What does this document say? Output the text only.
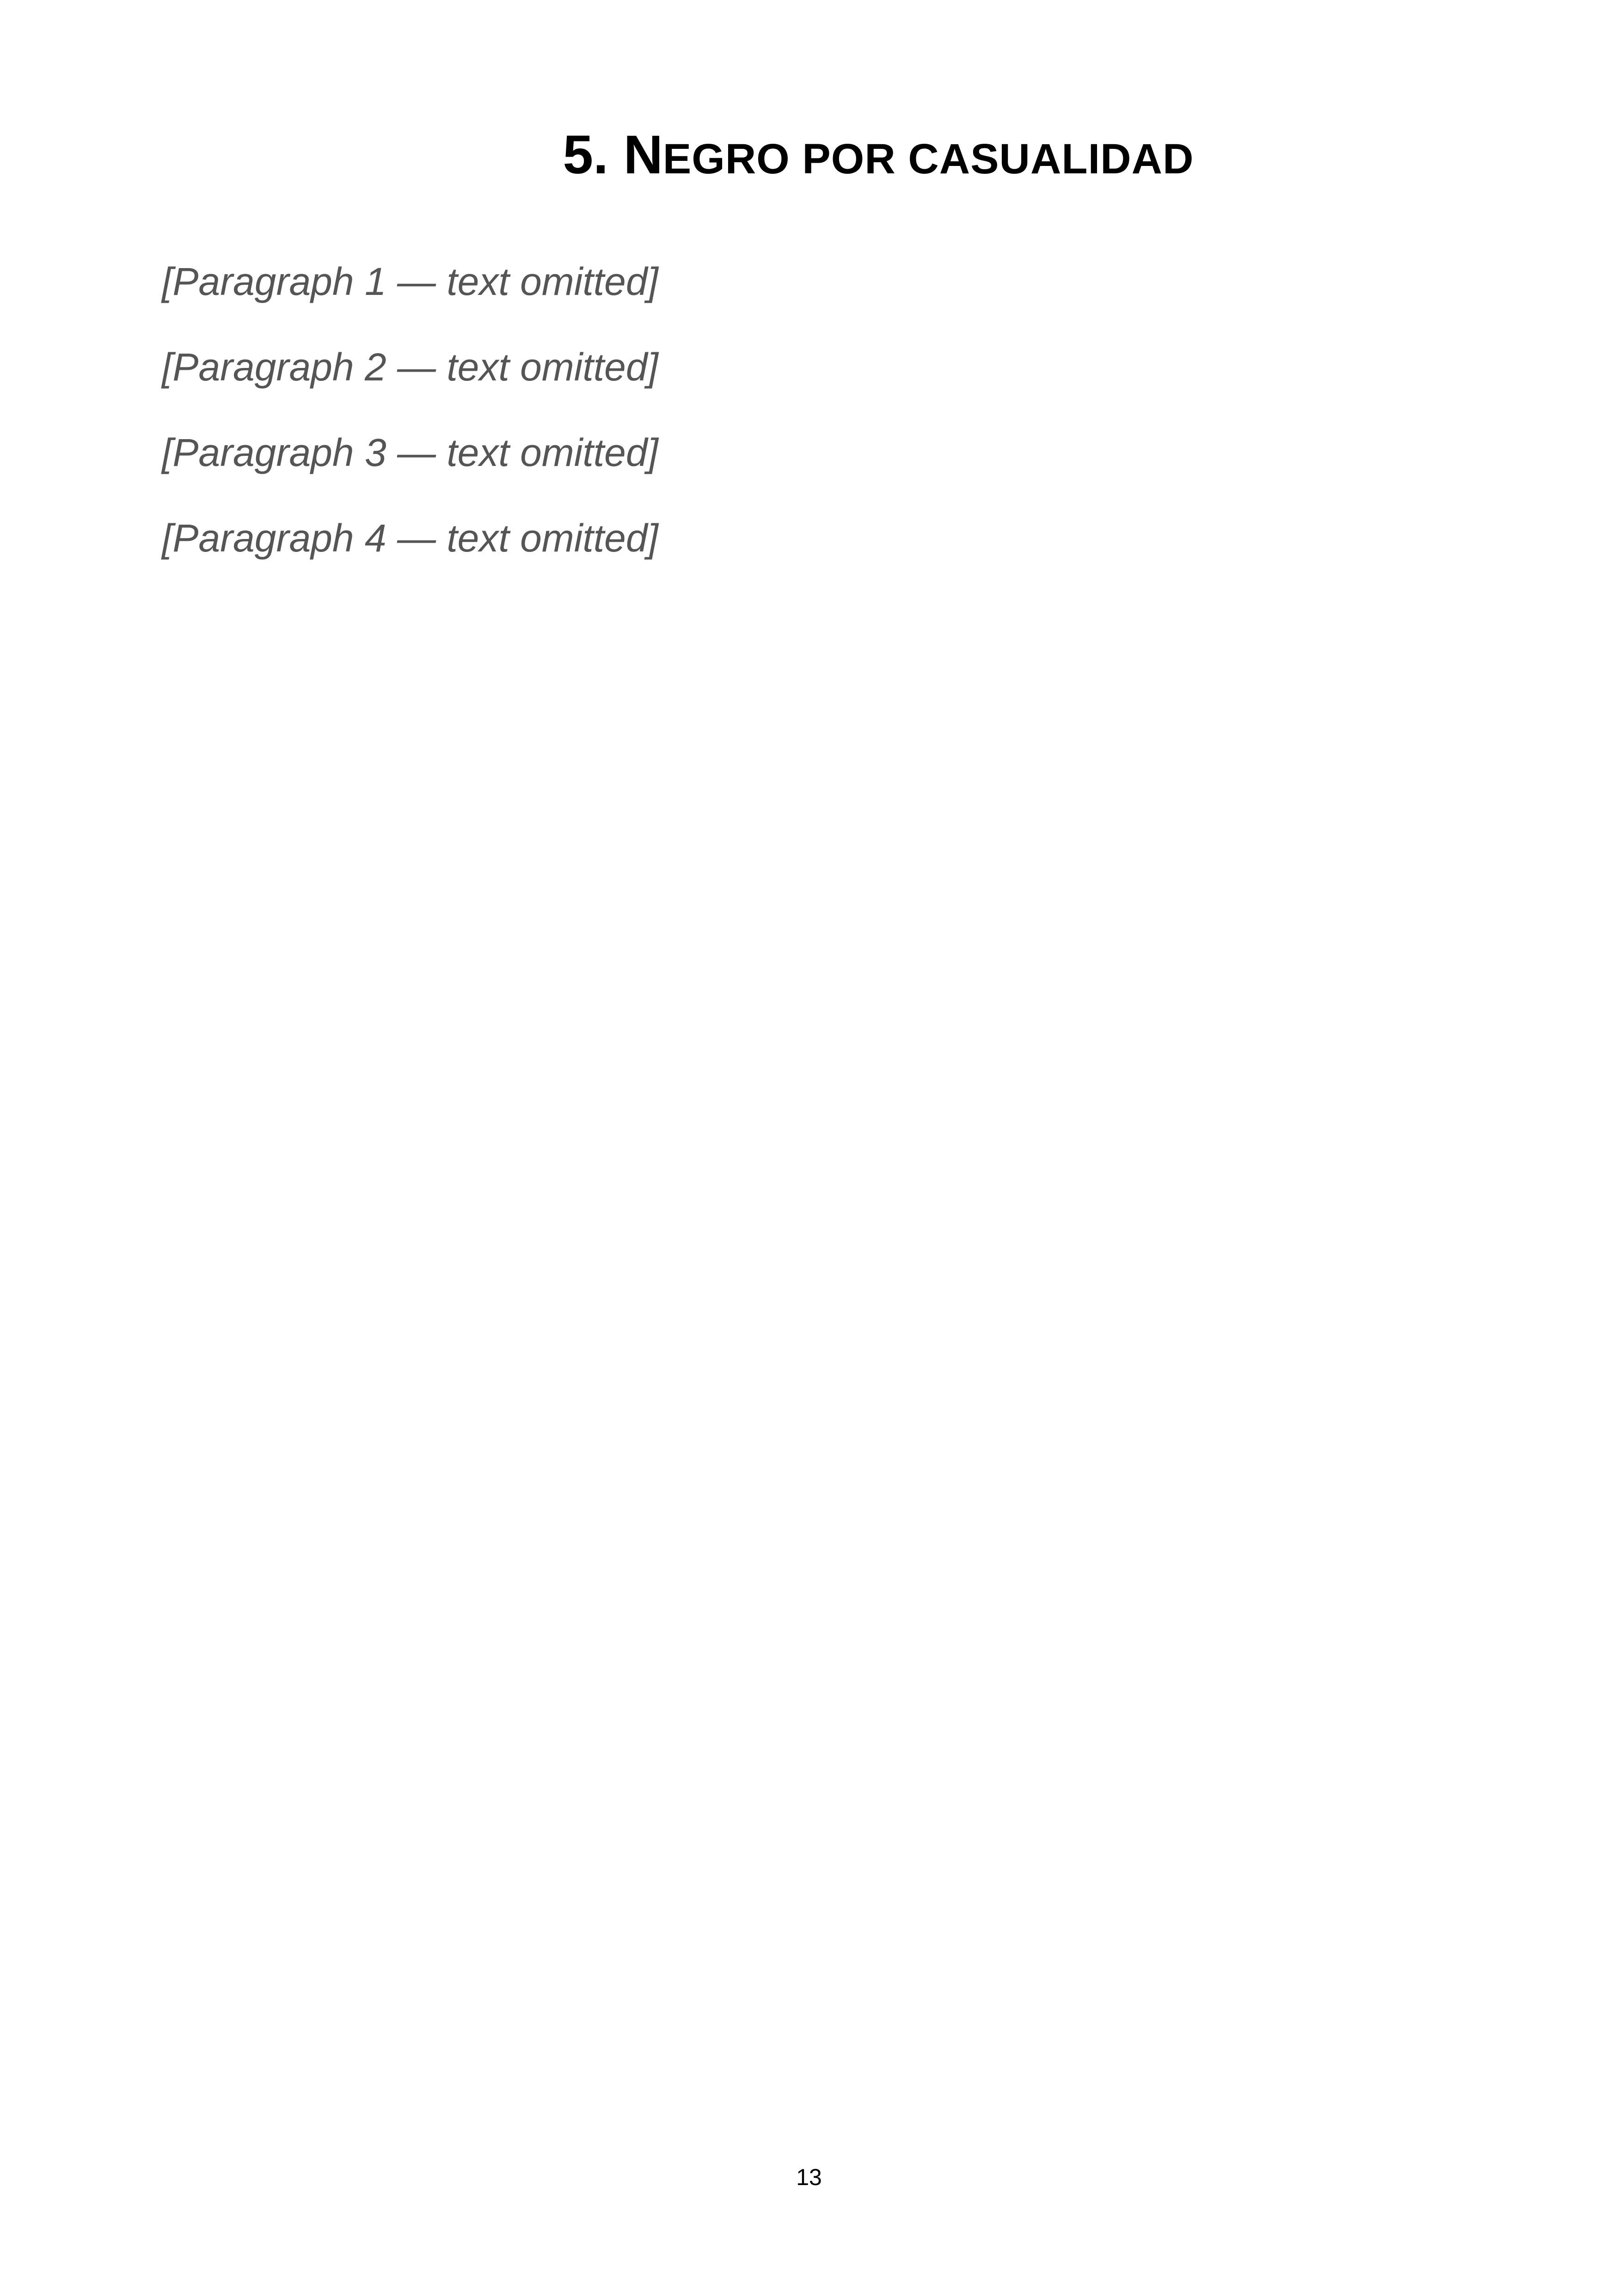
5. NEGRO POR CASUALIDAD

[Paragraph 1 — text omitted]

[Paragraph 2 — text omitted]

[Paragraph 3 — text omitted]

[Paragraph 4 — text omitted]

13
